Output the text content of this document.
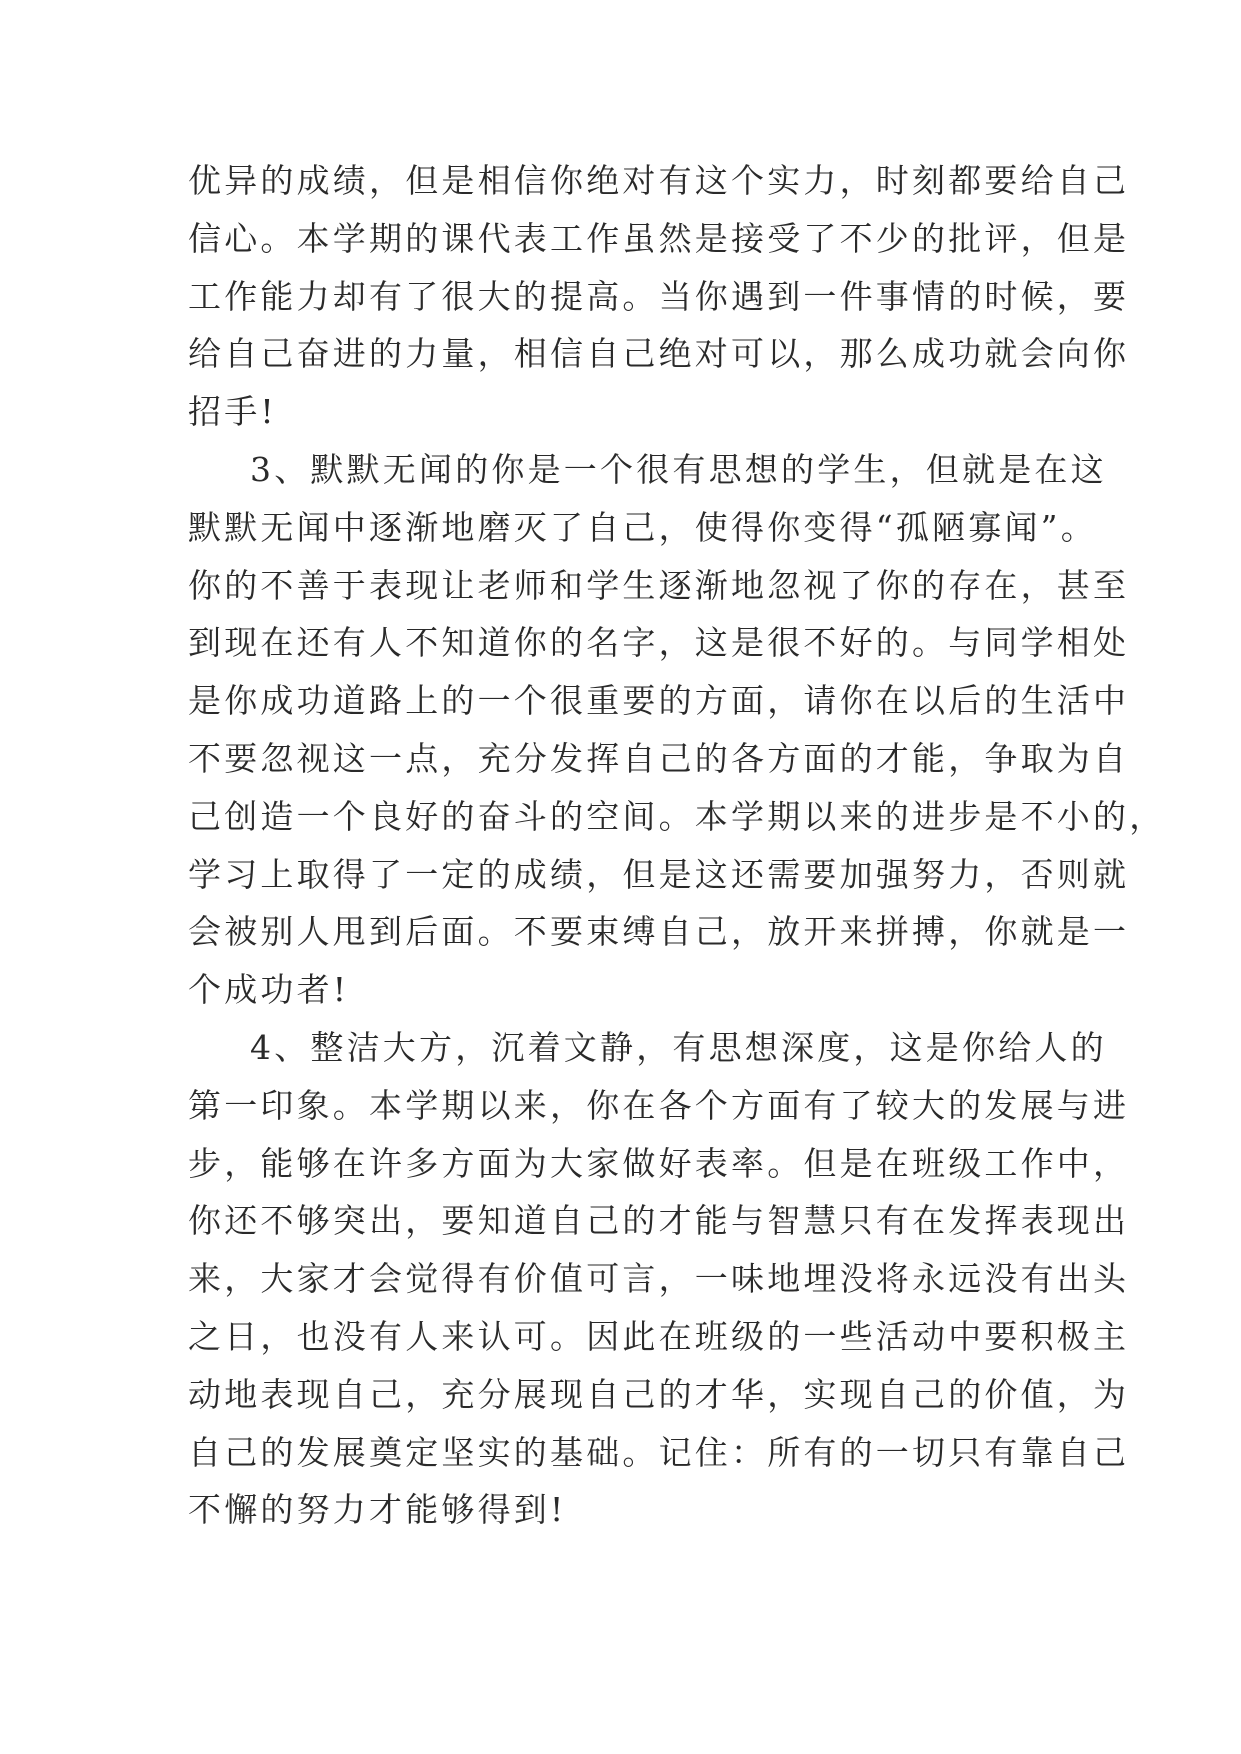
优异的成绩，但是相信你绝对有这个实力，时刻都要给自己
信心。本学期的课代表工作虽然是接受了不少的批评，但是
工作能力却有了很大的提高。当你遇到一件事情的时候，要
给自己奋进的力量，相信自己绝对可以，那么成功就会向你
招手!
3、默默无闻的你是一个很有思想的学生，但就是在这
默默无闻中逐渐地磨灭了自己，使得你变得“孤陋寡闻”。
你的不善于表现让老师和学生逐渐地忽视了你的存在，甚至
到现在还有人不知道你的名字，这是很不好的。与同学相处
是你成功道路上的一个很重要的方面，请你在以后的生活中
不要忽视这一点，充分发挥自己的各方面的才能，争取为自
己创造一个良好的奋斗的空间。本学期以来的进步是不小的，
学习上取得了一定的成绩，但是这还需要加强努力，否则就
会被别人甩到后面。不要束缚自己，放开来拼搏，你就是一
个成功者!
4、整洁大方，沉着文静，有思想深度，这是你给人的
第一印象。本学期以来，你在各个方面有了较大的发展与进
步，能够在许多方面为大家做好表率。但是在班级工作中，
你还不够突出，要知道自己的才能与智慧只有在发挥表现出
来，大家才会觉得有价值可言，一味地埋没将永远没有出头
之日，也没有人来认可。因此在班级的一些活动中要积极主
动地表现自己，充分展现自己的才华，实现自己的价值，为
自己的发展奠定坚实的基础。记住：所有的一切只有靠自己
不懈的努力才能够得到!
